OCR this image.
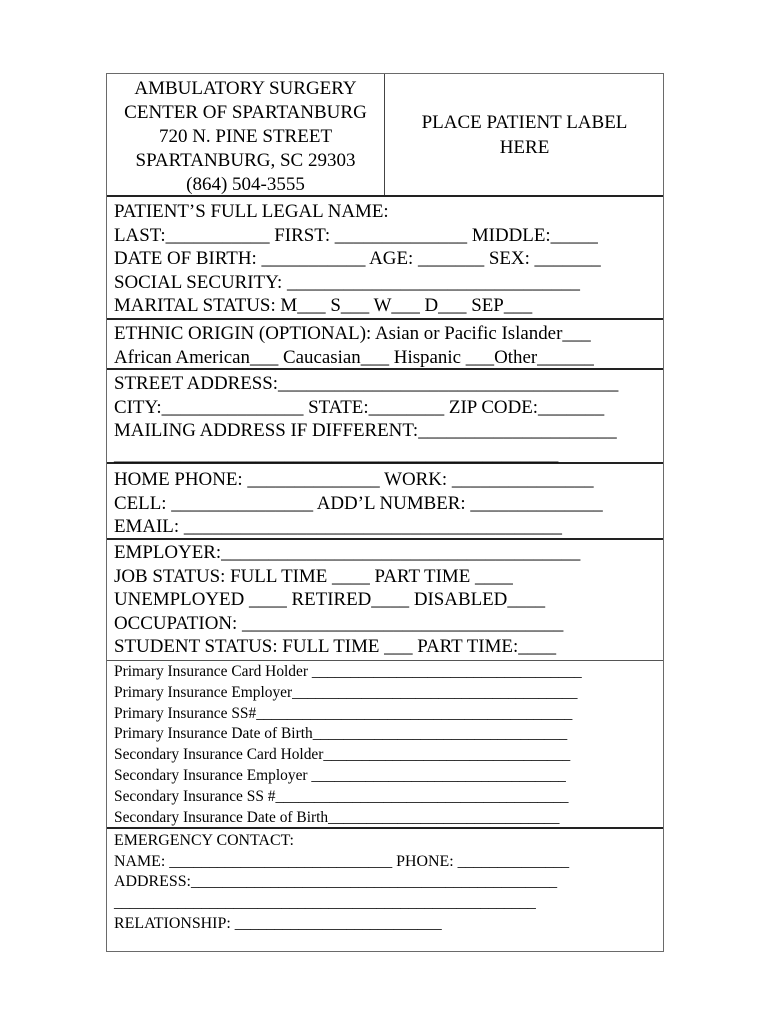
AMBULATORY SURGERY
CENTER OF SPARTANBURG
720 N. PINE STREET
SPARTANBURG, SC 29303
(864) 504-3555
PLACE PATIENT LABEL
HERE
PATIENT’S FULL LEGAL NAME:
LAST:___________ FIRST: ______________ MIDDLE:_____
DATE OF BIRTH: ___________ AGE: _______ SEX: _______
SOCIAL SECURITY: _______________________________
MARITAL STATUS: M___ S___ W___ D___ SEP___
ETHNIC ORIGIN (OPTIONAL): Asian or Pacific Islander___
African American___ Caucasian___ Hispanic ___Other______
STREET ADDRESS:____________________________________
CITY:_______________ STATE:________ ZIP CODE:_______
MAILING ADDRESS IF DIFFERENT:_____________________
_______________________________________________
HOME PHONE: ______________ WORK: _______________
CELL: _______________ ADD’L NUMBER: ______________
EMAIL: ________________________________________
EMPLOYER:______________________________________
JOB STATUS: FULL TIME ____ PART TIME ____
UNEMPLOYED ____ RETIRED____ DISABLED____
OCCUPATION: __________________________________
STUDENT STATUS: FULL TIME ___ PART TIME:____
Primary Insurance Card Holder ___________________________________
Primary Insurance Employer_____________________________________
Primary Insurance SS#_________________________________________
Primary Insurance Date of Birth_________________________________
Secondary Insurance Card Holder________________________________
Secondary Insurance Employer _________________________________
Secondary Insurance SS #______________________________________
Secondary Insurance Date of Birth______________________________
EMERGENCY CONTACT:
NAME: ____________________________ PHONE: ______________
ADDRESS:______________________________________________
_____________________________________________________
RELATIONSHIP: __________________________
